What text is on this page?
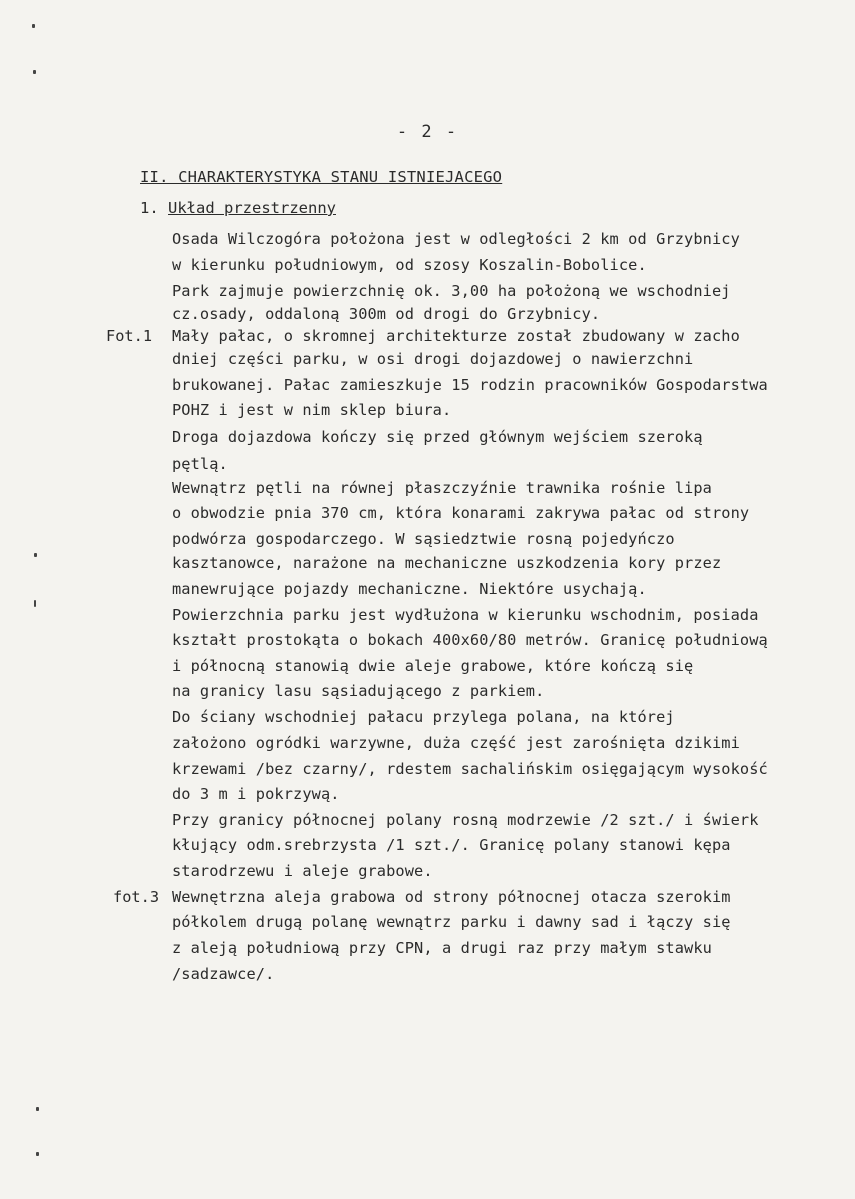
- 2 -
II. CHARAKTERYSTYKA STANU ISTNIEJACEGO
1. Układ przestrzenny
Fot.1
fot.3
Osada Wilczogóra położona jest w odległości 2 km od Grzybnicy
w kierunku południowym, od szosy Koszalin-Bobolice.
Park zajmuje powierzchnię ok. 3,00 ha położoną we wschodniej
cz.osady, oddaloną 300m od drogi do Grzybnicy.
Mały pałac, o skromnej architekturze został zbudowany w zacho
dniej części parku, w osi drogi dojazdowej o nawierzchni
brukowanej. Pałac zamieszkuje 15 rodzin pracowników Gospodarstwa
POHZ i jest w nim sklep biura.
Droga dojazdowa kończy się przed głównym wejściem szeroką
pętlą.
Wewnątrz pętli na równej płaszczyźnie trawnika rośnie lipa
o obwodzie pnia 370 cm, która konarami zakrywa pałac od strony
podwórza gospodarczego. W sąsiedztwie rosną pojedyńczo
kasztanowce, narażone na mechaniczne uszkodzenia kory przez
manewrujące pojazdy mechaniczne. Niektóre usychają.
Powierzchnia parku jest wydłużona w kierunku wschodnim, posiada
kształt prostokąta o bokach 400x60/80 metrów. Granicę południową
i północną stanowią dwie aleje grabowe, które kończą się
na granicy lasu sąsiadującego z parkiem.
Do ściany wschodniej pałacu przylega polana, na której
założono ogródki warzywne, duża część jest zarośnięta dzikimi
krzewami /bez czarny/, rdestem sachalińskim osięgającym wysokość
do 3 m i pokrzywą.
Przy granicy północnej polany rosną modrzewie /2 szt./ i świerk
kłujący odm.srebrzysta /1 szt./. Granicę polany stanowi kępa
starodrzewu i aleje grabowe.
Wewnętrzna aleja grabowa od strony północnej otacza szerokim
półkolem drugą polanę wewnątrz parku i dawny sad i łączy się
z aleją południową przy CPN, a drugi raz przy małym stawku
/sadzawce/.
